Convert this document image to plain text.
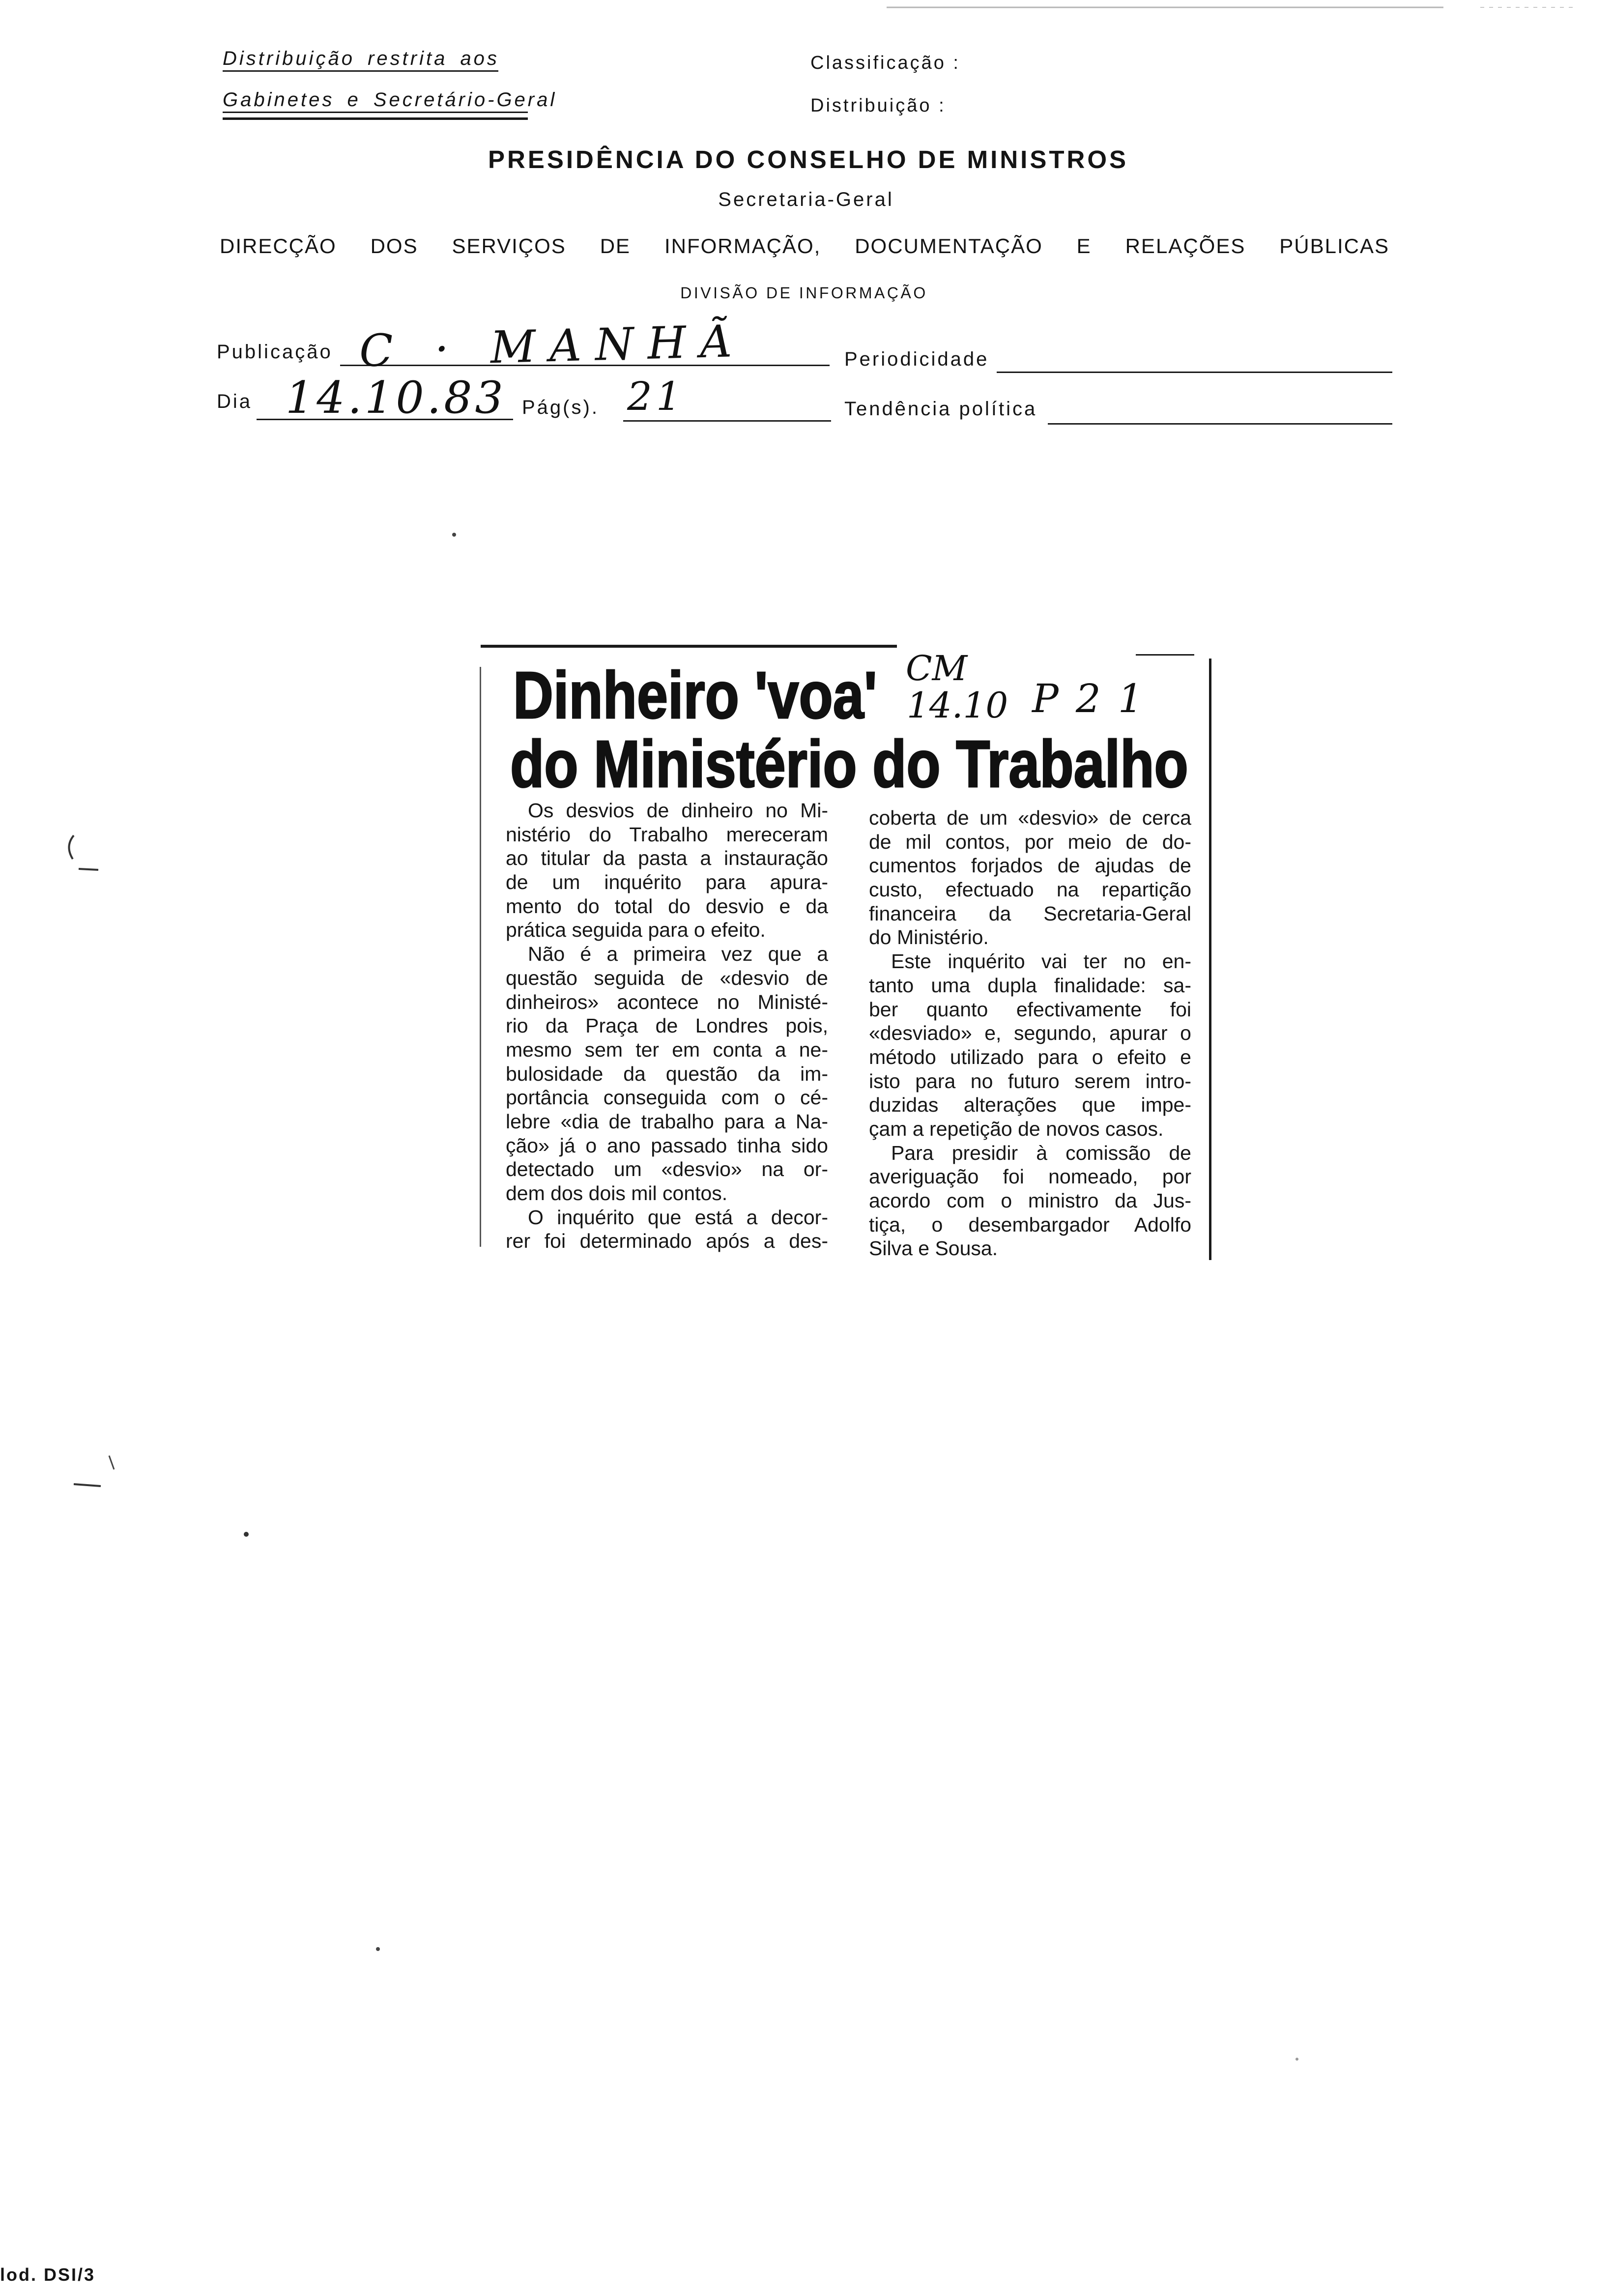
Distribuição restrita aos
Gabinetes e Secretário-Geral
Classificação :
Distribuição :
PRESIDÊNCIA DO CONSELHO DE MINISTROS
Secretaria-Geral
DIRECÇÃO DOS SERVIÇOS DE INFORMAÇÃO, DOCUMENTAÇÃO E RELAÇÕES PÚBLICAS
DIVISÃO DE INFORMAÇÃO
Publicação C · MANHÃ	Periodicidade
Dia 14.10.83 Pág(s). 21	Tendência política
Dinheiro 'voa'
do Ministério do Trabalho
CM
14.10 P21
Os desvios de dinheiro no Mi-
nistério do Trabalho mereceram
ao titular da pasta a instauração
de um inquérito para apura-
mento do total do desvio e da
prática seguida para o efeito.
Não é a primeira vez que a
questão seguida de «desvio de
dinheiros» acontece no Ministé-
rio da Praça de Londres pois,
mesmo sem ter em conta a ne-
bulosidade da questão da im-
portância conseguida com o cé-
lebre «dia de trabalho para a Na-
ção» já o ano passado tinha sido
detectado um «desvio» na or-
dem dos dois mil contos.
O inquérito que está a decor-
rer foi determinado após a des-
coberta de um «desvio» de cerca
de mil contos, por meio de do-
cumentos forjados de ajudas de
custo, efectuado na repartição
financeira da Secretaria-Geral
do Ministério.
Este inquérito vai ter no en-
tanto uma dupla finalidade: sa-
ber quanto efectivamente foi
«desviado» e, segundo, apurar o
método utilizado para o efeito e
isto para no futuro serem intro-
duzidas alterações que impe-
çam a repetição de novos casos.
Para presidir à comissão de
averiguação foi nomeado, por
acordo com o ministro da Jus-
tiça, o desembargador Adolfo
Silva e Sousa.
lod. DSI/3
